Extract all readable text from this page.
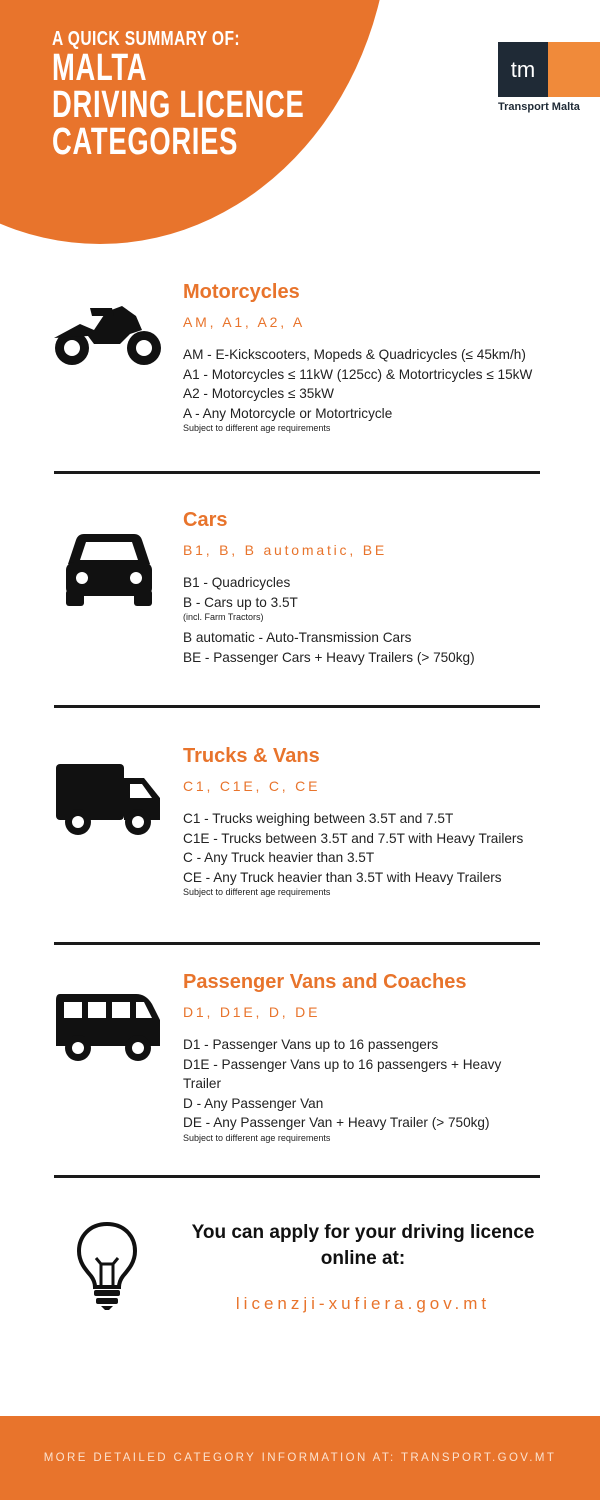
A QUICK SUMMARY OF:
MALTA
DRIVING LICENCE
CATEGORIES
tm
Transport Malta
Motorcycles
AM, A1, A2, A
AM - E-Kickscooters, Mopeds & Quadricycles (≤ 45km/h)
A1 - Motorcycles ≤ 11kW (125cc) & Motortricycles ≤ 15kW
A2 - Motorcycles ≤ 35kW
A - Any Motorcycle or Motortricycle
Subject to different age requirements
Cars
B1, B, B automatic, BE
B1 - Quadricycles
B - Cars up to 3.5T
(incl. Farm Tractors)
B automatic - Auto-Transmission Cars
BE - Passenger Cars + Heavy Trailers (> 750kg)
Trucks & Vans
C1, C1E, C, CE
C1 - Trucks weighing between 3.5T and 7.5T
C1E - Trucks between 3.5T and 7.5T with Heavy Trailers
C - Any Truck heavier than 3.5T
CE - Any Truck heavier than 3.5T with Heavy Trailers
Subject to different age requirements
Passenger Vans and Coaches
D1, D1E, D, DE
D1 - Passenger Vans up to 16 passengers
D1E - Passenger Vans up to 16 passengers + Heavy Trailer
D - Any Passenger Van
DE - Any Passenger Van + Heavy Trailer (> 750kg)
Subject to different age requirements
You can apply for your driving licence online at:
licenzji-xufiera.gov.mt
MORE DETAILED CATEGORY INFORMATION AT: TRANSPORT.GOV.MT
